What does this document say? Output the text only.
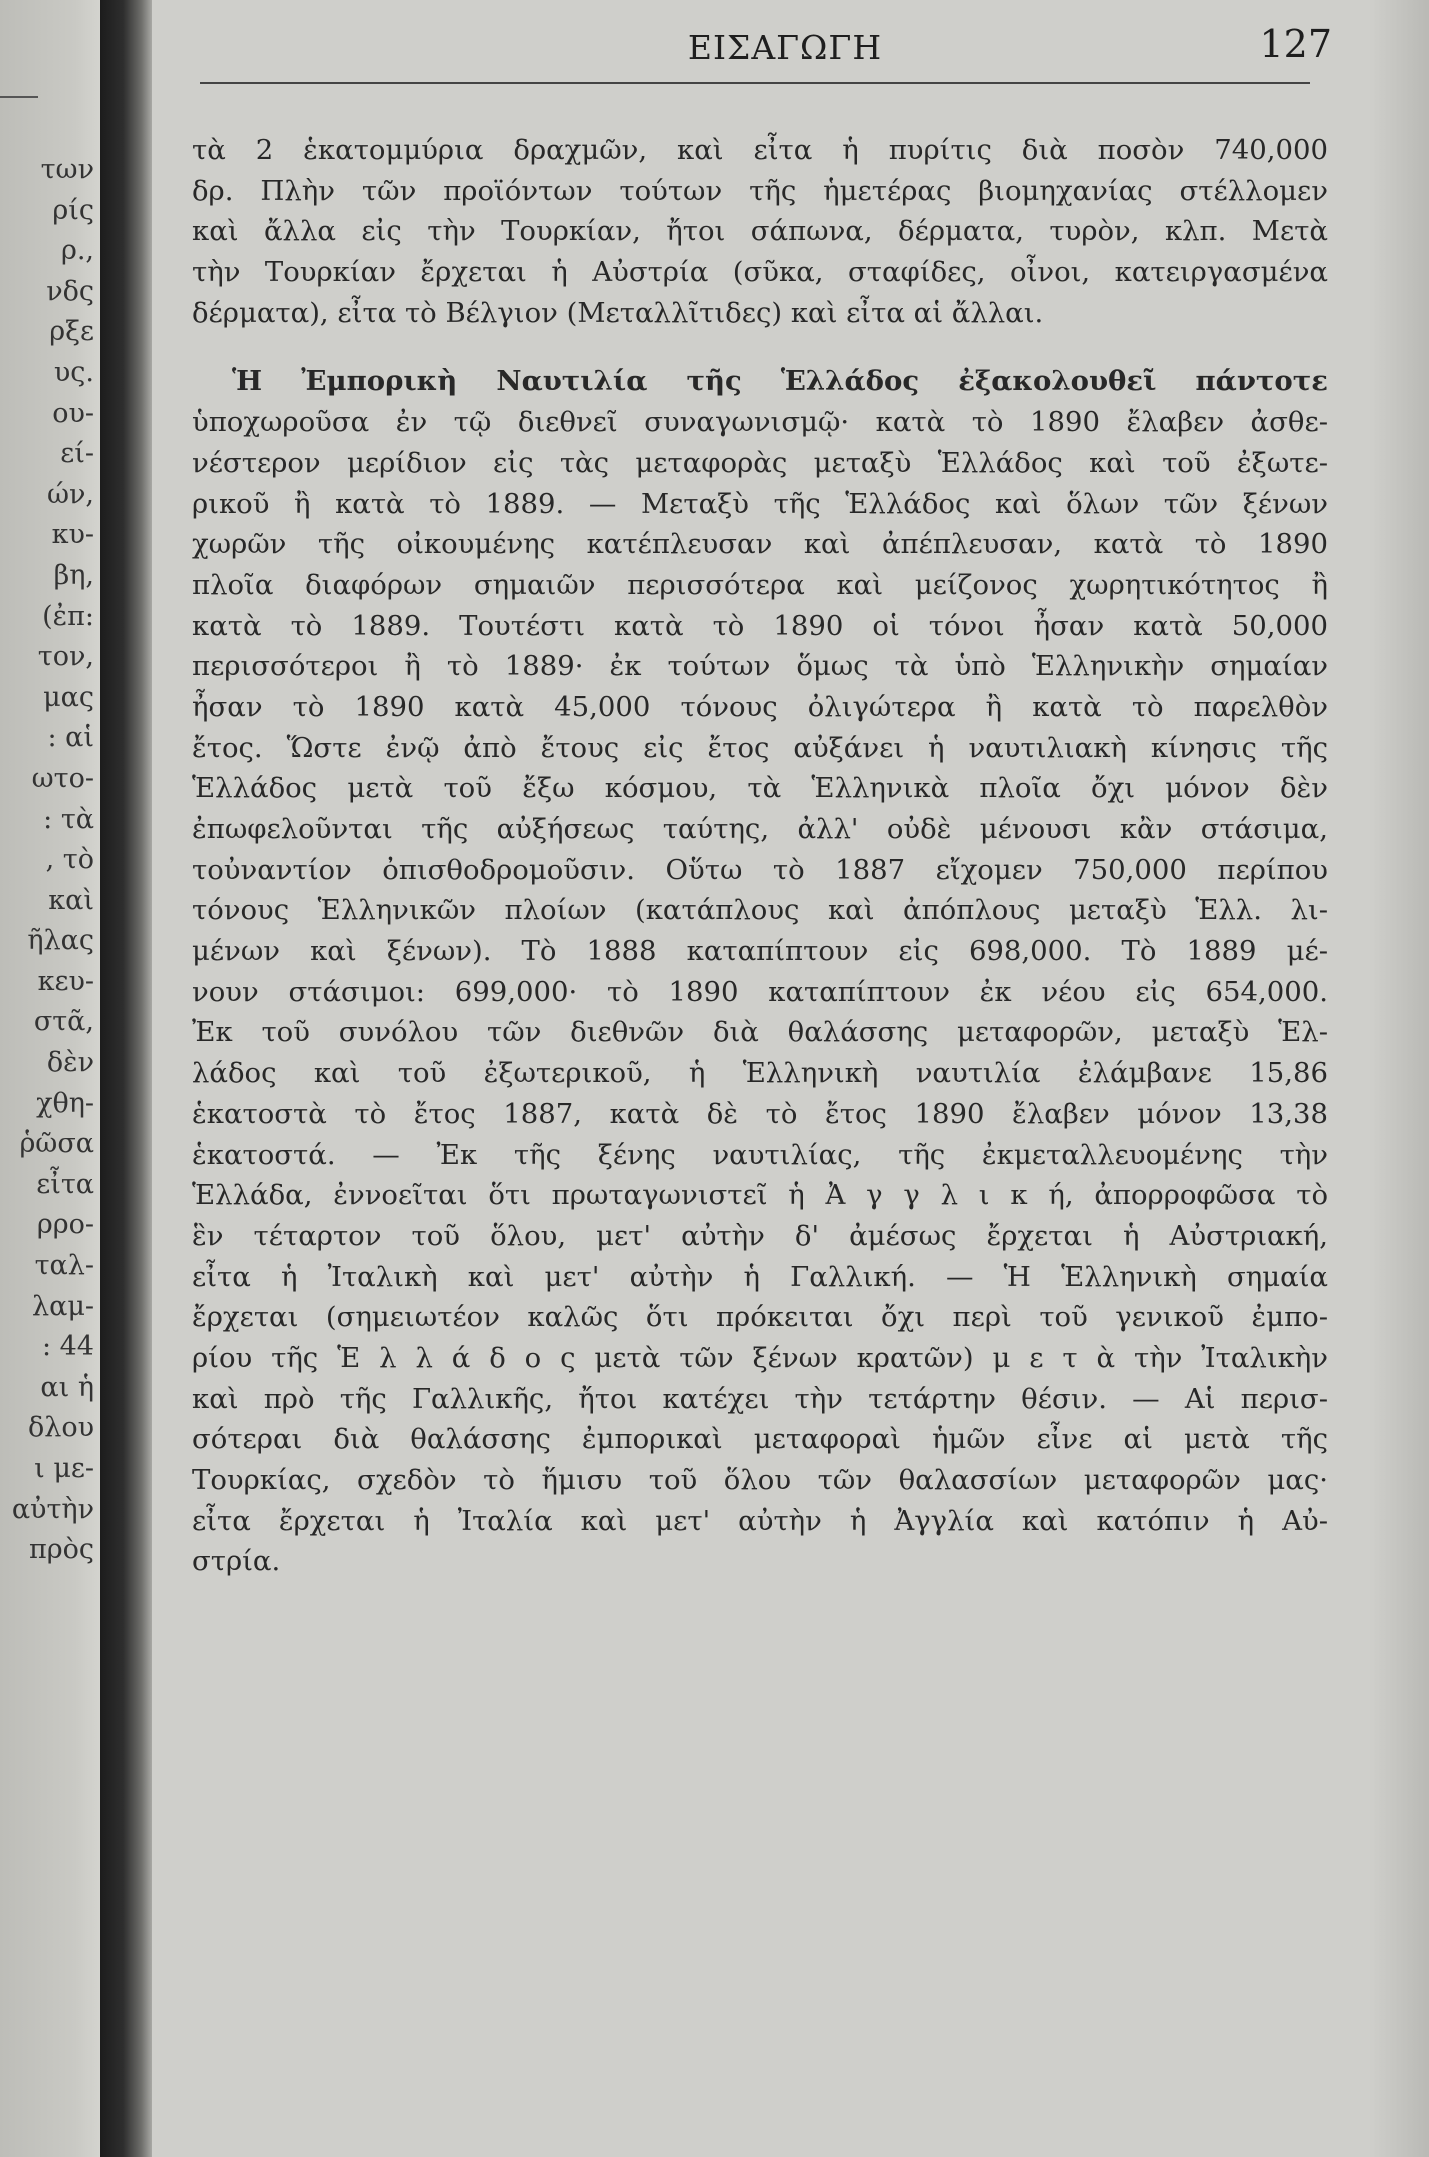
των
ρίς
ρ.,
νδς
ρξε
υς.
ου-
εί-
ών,
κυ-
βη,
(ἐπ:
τον,
μας
: αἱ
ωτο-
: τὰ
, τὸ
καὶ
ῆλας
κευ-
στᾶ,
δὲν
χθη-
ῥῶσα
εἶτα
ρρο-
ταλ-
λαμ-
: 44
αι ἡ
δλου
ι με-
αὐτὴν
πρὸς
ΕΙΣΑΓΩΓΗ	127
τὰ 2 ἑκατομμύρια δραχμῶν, καὶ εἶτα ἡ πυρίτις διὰ ποσὸν 740,000
δρ. Πλὴν τῶν προϊόντων τούτων τῆς ἡμετέρας βιομηχανίας στέλλομεν
καὶ ἄλλα εἰς τὴν Τουρκίαν, ἤτοι σάπωνα, δέρματα, τυρὸν, κλπ. Μετὰ
τὴν Τουρκίαν ἔρχεται ἡ Αὐστρία (σῦκα, σταφίδες, οἶνοι, κατειργασμένα
δέρματα), εἶτα τὸ Βέλγιον (Μεταλλῖτιδες) καὶ εἶτα αἱ ἄλλαι.
Ἡ Ἐμπορικὴ Ναυτιλία τῆς Ἑλλάδος ἐξακολουθεῖ πάντοτε
ὑποχωροῦσα ἐν τῷ διεθνεῖ συναγωνισμῷ· κατὰ τὸ 1890 ἔλαβεν ἀσθε-
νέστερον μερίδιον εἰς τὰς μεταφορὰς μεταξὺ Ἑλλάδος καὶ τοῦ ἐξωτε-
ρικοῦ ἢ κατὰ τὸ 1889. — Μεταξὺ τῆς Ἑλλάδος καὶ ὅλων τῶν ξένων
χωρῶν τῆς οἰκουμένης κατέπλευσαν καὶ ἀπέπλευσαν, κατὰ τὸ 1890
πλοῖα διαφόρων σημαιῶν περισσότερα καὶ μείζονος χωρητικότητος ἢ
κατὰ τὸ 1889. Τουτέστι κατὰ τὸ 1890 οἱ τόνοι ἦσαν κατὰ 50,000
περισσότεροι ἢ τὸ 1889· ἐκ τούτων ὅμως τὰ ὑπὸ Ἑλληνικὴν σημαίαν
ἦσαν τὸ 1890 κατὰ 45,000 τόνους ὀλιγώτερα ἢ κατὰ τὸ παρελθὸν
ἔτος. Ὥστε ἐνῷ ἀπὸ ἔτους εἰς ἔτος αὐξάνει ἡ ναυτιλιακὴ κίνησις τῆς
Ἑλλάδος μετὰ τοῦ ἔξω κόσμου, τὰ Ἑλληνικὰ πλοῖα ὄχι μόνον δὲν
ἐπωφελοῦνται τῆς αὐξήσεως ταύτης, ἀλλ' οὐδὲ μένουσι κἂν στάσιμα,
τοὐναντίον ὀπισθοδρομοῦσιν. Οὕτω τὸ 1887 εἴχομεν 750,000 περίπου
τόνους Ἑλληνικῶν πλοίων (κατάπλους καὶ ἀπόπλους μεταξὺ Ἑλλ. λι-
μένων καὶ ξένων). Τὸ 1888 καταπίπτουν εἰς 698,000. Τὸ 1889 μέ-
νουν στάσιμοι: 699,000· τὸ 1890 καταπίπτουν ἐκ νέου εἰς 654,000.
Ἐκ τοῦ συνόλου τῶν διεθνῶν διὰ θαλάσσης μεταφορῶν, μεταξὺ Ἑλ-
λάδος καὶ τοῦ ἐξωτερικοῦ, ἡ Ἑλληνικὴ ναυτιλία ἐλάμβανε 15,86
ἑκατοστὰ τὸ ἔτος 1887, κατὰ δὲ τὸ ἔτος 1890 ἔλαβεν μόνον 13,38
ἑκατοστά. — Ἐκ τῆς ξένης ναυτιλίας, τῆς ἐκμεταλλευομένης τὴν
Ἑλλάδα, ἐννοεῖται ὅτι πρωταγωνιστεῖ ἡ Ἀ γ γ λ ι κ ή, ἀπορροφῶσα τὸ
ἓν τέταρτον τοῦ ὅλου, μετ' αὐτὴν δ' ἀμέσως ἔρχεται ἡ Αὐστριακή,
εἶτα ἡ Ἰταλικὴ καὶ μετ' αὐτὴν ἡ Γαλλική. — Ἡ Ἑλληνικὴ σημαία
ἔρχεται (σημειωτέον καλῶς ὅτι πρόκειται ὄχι περὶ τοῦ γενικοῦ ἐμπο-
ρίου τῆς Ἑ λ λ ά δ ο ς μετὰ τῶν ξένων κρατῶν) μ ε τ ὰ τὴν Ἰταλικὴν
καὶ πρὸ τῆς Γαλλικῆς, ἤτοι κατέχει τὴν τετάρτην θέσιν. — Αἱ περισ-
σότεραι διὰ θαλάσσης ἐμπορικαὶ μεταφοραὶ ἡμῶν εἶνε αἱ μετὰ τῆς
Τουρκίας, σχεδὸν τὸ ἥμισυ τοῦ ὅλου τῶν θαλασσίων μεταφορῶν μας·
εἶτα ἔρχεται ἡ Ἰταλία καὶ μετ' αὐτὴν ἡ Ἀγγλία καὶ κατόπιν ἡ Αὐ-
στρία.
